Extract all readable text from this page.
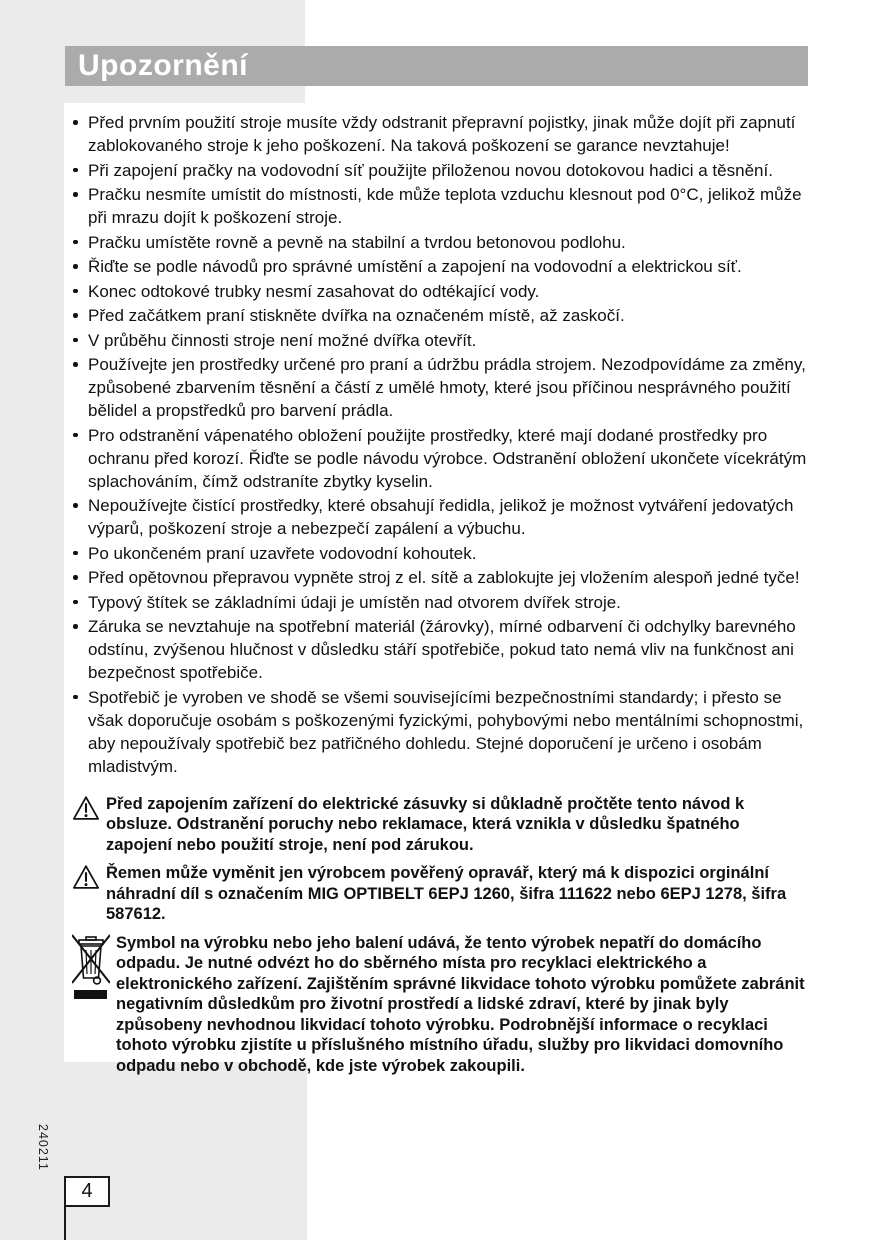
Upozornění
Před prvním použití stroje musíte vždy odstranit přepravní pojistky, jinak může dojít při zapnutí zablokovaného stroje k jeho poškození. Na taková poškození se garance nevztahuje!
Při zapojení pračky na vodovodní síť použijte přiloženou novou dotokovou hadici a těsnění.
Pračku nesmíte umístit do místnosti, kde může teplota vzduchu klesnout pod 0°C, jelikož může při mrazu dojít k poškození stroje.
Pračku umístěte rovně a pevně na stabilní a tvrdou betonovou podlohu.
Řiďte se podle návodů pro správné umístění a zapojení na vodovodní a elektrickou síť.
Konec odtokové trubky nesmí zasahovat do odtékající vody.
Před začátkem praní stiskněte dvířka na označeném místě, až zaskočí.
V průběhu činnosti stroje není možné dvířka otevřít.
Používejte jen prostředky určené pro praní a údržbu prádla strojem. Nezodpovídáme za změny, způsobené zbarvením těsnění a částí z umělé hmoty, které jsou příčinou nesprávného použití bělidel a propstředků pro barvení prádla.
Pro odstranění vápenatého obložení použijte prostředky, které mají dodané prostředky pro ochranu před korozí. Řiďte se podle návodu výrobce. Odstranění obložení ukončete vícekrátým splachováním, čímž odstraníte zbytky kyselin.
Nepoužívejte čistící prostředky, které obsahují ředidla, jelikož je možnost vytváření jedovatých výparů, poškození stroje a nebezpečí zapálení a výbuchu.
Po ukončeném praní uzavřete vodovodní kohoutek.
Před opětovnou přepravou vypněte stroj z el. sítě a zablokujte jej vložením alespoň jedné tyče!
Typový štítek se základními údaji je umístěn nad otvorem dvířek stroje.
Záruka se nevztahuje na spotřební materiál (žárovky), mírné odbarvení či odchylky barevného odstínu, zvýšenou hlučnost v důsledku stáří spotřebiče, pokud tato nemá vliv na funkčnost ani bezpečnost spotřebiče.
Spotřebič je vyroben ve shodě se všemi souvisejícími bezpečnostními standardy; i přesto se však doporučuje osobám s poškozenými fyzickými, pohybovými nebo mentálními schopnostmi, aby nepoužívaly spotřebič bez patřičného dohledu. Stejné doporučení je určeno i osobám mladistvým.

Před zapojením zařízení do elektrické zásuvky si důkladně pročtěte tento návod k obsluze. Odstranění poruchy nebo reklamace, která vznikla v důsledku špatného zapojení nebo použití stroje, není pod zárukou.

Řemen může vyměnit jen výrobcem pověřený opravář, který má k dispozici orginální náhradní díl s označením MIG OPTIBELT 6EPJ 1260, šifra 111622 nebo 6EPJ 1278, šifra 587612.

Symbol na výrobku nebo jeho balení udává, že tento výrobek nepatří do domácího odpadu. Je nutné odvézt ho do sběrného místa pro recyklaci elektrického a elektronického zařízení. Zajištěním správné likvidace tohoto výrobku pomůžete zabránit negativním důsledkům pro životní prostředí a lidské zdraví, které by jinak byly způsobeny nevhodnou likvidací tohoto výrobku. Podrobnější informace o recyklaci tohoto výrobku zjistíte u příslušného místního úřadu, služby pro likvidaci domovního odpadu nebo v obchodě, kde jste výrobek zakoupili.

240211
4
